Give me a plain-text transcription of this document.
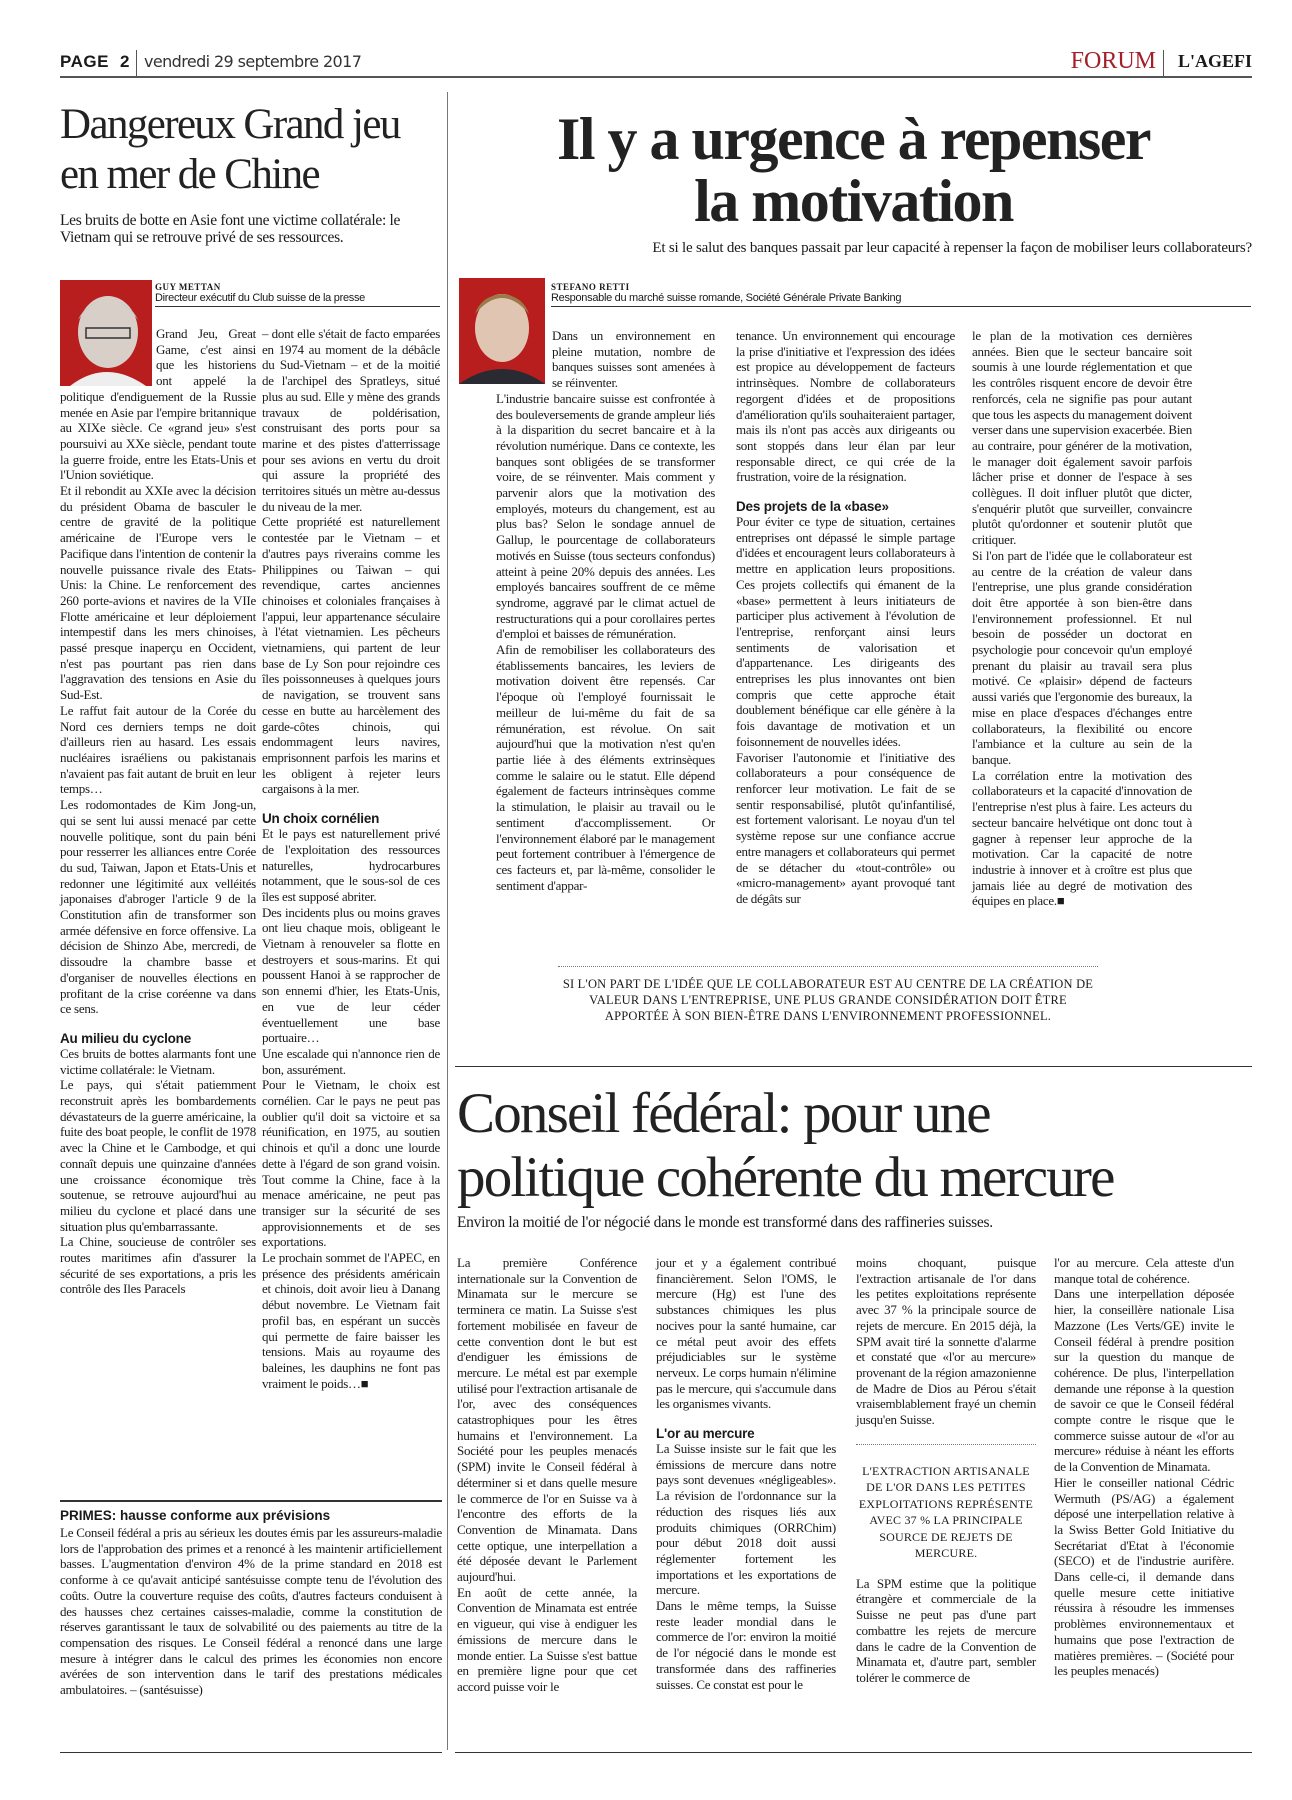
PAGE 2 vendredi 29 septembre 2017	FORUM L'AGEFI
Dangereux Grand jeu
en mer de Chine

Les bruits de botte en Asie font une victime collatérale: le Vietnam qui se retrouve privé de ses ressources.

GUY METTAN
Directeur exécutif du Club suisse de la presse

Grand Jeu, Great Game, c'est ainsi que les historiens ont appelé la politique d'endiguement de la Russie menée en Asie par l'empire britannique au XIXe siècle. Ce «grand jeu» s'est poursuivi au XXe siècle, pendant toute la guerre froide, entre les Etats-Unis et l'Union soviétique.

Et il rebondit au XXIe avec la décision du président Obama de basculer le centre de gravité de la politique américaine de l'Europe vers le Pacifique dans l'intention de contenir la nouvelle puissance rivale des Etats-Unis: la Chine. Le renforcement des 260 porte-avions et navires de la VIIe Flotte américaine et leur déploiement intempestif dans les mers chinoises, passé presque inaperçu en Occident, n'est pas pourtant pas rien dans l'aggravation des tensions en Asie du Sud-Est.

Le raffut fait autour de la Corée du Nord ces derniers temps ne doit d'ailleurs rien au hasard. Les essais nucléaires israéliens ou pakistanais n'avaient pas fait autant de bruit en leur temps…

Les rodomontades de Kim Jong-un, qui se sent lui aussi menacé par cette nouvelle politique, sont du pain béni pour resserrer les alliances entre Corée du sud, Taiwan, Japon et Etats-Unis et redonner une légitimité aux velléités japonaises d'abroger l'article 9 de la Constitution afin de transformer son armée défensive en force offensive. La décision de Shinzo Abe, mercredi, de dissoudre la chambre basse et d'organiser de nouvelles élections en profitant de la crise coréenne va dans ce sens.

Au milieu du cyclone

Ces bruits de bottes alarmants font une victime collatérale: le Vietnam.

Le pays, qui s'était patiemment reconstruit après les bombardements dévastateurs de la guerre américaine, la fuite des boat people, le conflit de 1978 avec la Chine et le Cambodge, et qui connaît depuis une quinzaine d'années une croissance économique très soutenue, se retrouve aujourd'hui au milieu du cyclone et placé dans une situation plus qu'embarrassante.

La Chine, soucieuse de contrôler ses routes maritimes afin d'assurer la sécurité de ses exportations, a pris les contrôle des Iles Paracels

– dont elle s'était de facto emparées en 1974 au moment de la débâcle du Sud-Vietnam – et de la moitié de l'archipel des Spratleys, situé plus au sud. Elle y mène des grands travaux de poldérisation, construisant des ports pour sa marine et des pistes d'atterrissage pour ses avions en vertu du droit qui assure la propriété des territoires situés un mètre au-dessus du niveau de la mer.

Cette propriété est naturellement contestée par le Vietnam – et d'autres pays riverains comme les Philippines ou Taiwan – qui revendique, cartes anciennes chinoises et coloniales françaises à l'appui, leur appartenance séculaire à l'état vietnamien. Les pêcheurs vietnamiens, qui partent de leur base de Ly Son pour rejoindre ces îles poissonneuses à quelques jours de navigation, se trouvent sans cesse en butte au harcèlement des garde-côtes chinois, qui endommagent leurs navires, emprisonnent parfois les marins et les obligent à rejeter leurs cargaisons à la mer.

Un choix cornélien

Et le pays est naturellement privé de l'exploitation des ressources naturelles, hydrocarbures notamment, que le sous-sol de ces îles est supposé abriter.

Des incidents plus ou moins graves ont lieu chaque mois, obligeant le Vietnam à renouveler sa flotte en destroyers et sous-marins. Et qui poussent Hanoi à se rapprocher de son ennemi d'hier, les Etats-Unis, en vue de leur céder éventuellement une base portuaire…

Une escalade qui n'annonce rien de bon, assurément.

Pour le Vietnam, le choix est cornélien. Car le pays ne peut pas oublier qu'il doit sa victoire et sa réunification, en 1975, au soutien chinois et qu'il a donc une lourde dette à l'égard de son grand voisin. Tout comme la Chine, face à la menace américaine, ne peut pas transiger sur la sécurité de ses approvisionnements et de ses exportations.

Le prochain sommet de l'APEC, en présence des présidents américain et chinois, doit avoir lieu à Danang début novembre. Le Vietnam fait profil bas, en espérant un succès qui permette de faire baisser les tensions. Mais au royaume des baleines, les dauphins ne font pas vraiment le poids…■

Il y a urgence à repenser
la motivation

Et si le salut des banques passait par leur capacité à repenser la façon de mobiliser leurs collaborateurs?

STEFANO RETTI
Responsable du marché suisse romande, Société Générale Private Banking

Dans un environnement en pleine mutation, nombre de banques suisses sont amenées à se réinventer.

L'industrie bancaire suisse est confrontée à des bouleversements de grande ampleur liés à la disparition du secret bancaire et à la révolution numérique. Dans ce contexte, les banques sont obligées de se transformer voire, de se réinventer. Mais comment y parvenir alors que la motivation des employés, moteurs du changement, est au plus bas? Selon le sondage annuel de Gallup, le pourcentage de collaborateurs motivés en Suisse (tous secteurs confondus) atteint à peine 20% depuis des années. Les employés bancaires souffrent de ce même syndrome, aggravé par le climat actuel de restructurations qui a pour corollaires pertes d'emploi et baisses de rémunération.

Afin de remobiliser les collaborateurs des établissements bancaires, les leviers de motivation doivent être repensés. Car l'époque où l'employé fournissait le meilleur de lui-même du fait de sa rémunération, est révolue. On sait aujourd'hui que la motivation n'est qu'en partie liée à des éléments extrinsèques comme le salaire ou le statut. Elle dépend également de facteurs intrinsèques comme la stimulation, le plaisir au travail ou le sentiment d'accomplissement. Or l'environnement élaboré par le management peut fortement contribuer à l'émergence de ces facteurs et, par là-même, consolider le sentiment d'appar-

tenance. Un environnement qui encourage la prise d'initiative et l'expression des idées est propice au développement de facteurs intrinsèques. Nombre de collaborateurs regorgent d'idées et de propositions d'amélioration qu'ils souhaiteraient partager, mais ils n'ont pas accès aux dirigeants ou sont stoppés dans leur élan par leur responsable direct, ce qui crée de la frustration, voire de la résignation.

Des projets de la «base»

Pour éviter ce type de situation, certaines entreprises ont dépassé le simple partage d'idées et encouragent leurs collaborateurs à mettre en application leurs propositions. Ces projets collectifs qui émanent de la «base» permettent à leurs initiateurs de participer plus activement à l'évolution de l'entreprise, renforçant ainsi leurs sentiments de valorisation et d'appartenance. Les dirigeants des entreprises les plus innovantes ont bien compris que cette approche était doublement bénéfique car elle génère à la fois davantage de motivation et un foisonnement de nouvelles idées.

Favoriser l'autonomie et l'initiative des collaborateurs a pour conséquence de renforcer leur motivation. Le fait de se sentir responsabilisé, plutôt qu'infantilisé, est fortement valorisant. Le noyau d'un tel système repose sur une confiance accrue entre managers et collaborateurs qui permet de se détacher du «tout-contrôle» ou «micro-management» ayant provoqué tant de dégâts sur

le plan de la motivation ces dernières années. Bien que le secteur bancaire soit soumis à une lourde réglementation et que les contrôles risquent encore de devoir être renforcés, cela ne signifie pas pour autant que tous les aspects du management doivent verser dans une supervision exacerbée. Bien au contraire, pour générer de la motivation, le manager doit également savoir parfois lâcher prise et donner de l'espace à ses collègues. Il doit influer plutôt que dicter, s'enquérir plutôt que surveiller, convaincre plutôt qu'ordonner et soutenir plutôt que critiquer.

Si l'on part de l'idée que le collaborateur est au centre de la création de valeur dans l'entreprise, une plus grande considération doit être apportée à son bien-être dans l'environnement professionnel. Et nul besoin de posséder un doctorat en psychologie pour concevoir qu'un employé prenant du plaisir au travail sera plus motivé. Ce «plaisir» dépend de facteurs aussi variés que l'ergonomie des bureaux, la mise en place d'espaces d'échanges entre collaborateurs, la flexibilité ou encore l'ambiance et la culture au sein de la banque.

La corrélation entre la motivation des collaborateurs et la capacité d'innovation de l'entreprise n'est plus à faire. Les acteurs du secteur bancaire helvétique ont donc tout à gagner à repenser leur approche de la motivation. Car la capacité de notre industrie à innover et à croître est plus que jamais liée au degré de motivation des équipes en place.■

SI L'ON PART DE L'IDÉE QUE LE COLLABORATEUR EST AU CENTRE DE LA CRÉATION DE VALEUR DANS L'ENTREPRISE, UNE PLUS GRANDE CONSIDÉRATION DOIT ÊTRE APPORTÉE À SON BIEN-ÊTRE DANS L'ENVIRONNEMENT PROFESSIONNEL.
Conseil fédéral: pour une
politique cohérente du mercure

Environ la moitié de l'or négocié dans le monde est transformé dans des raffineries suisses.

La première Conférence internationale sur la Convention de Minamata sur le mercure se terminera ce matin. La Suisse s'est fortement mobilisée en faveur de cette convention dont le but est d'endiguer les émissions de mercure. Le métal est par exemple utilisé pour l'extraction artisanale de l'or, avec des conséquences catastrophiques pour les êtres humains et l'environnement. La Société pour les peuples menacés (SPM) invite le Conseil fédéral à déterminer si et dans quelle mesure le commerce de l'or en Suisse va à l'encontre des efforts de la Convention de Minamata. Dans cette optique, une interpellation a été déposée devant le Parlement aujourd'hui.

En août de cette année, la Convention de Minamata est entrée en vigueur, qui vise à endiguer les émissions de mercure dans le monde entier. La Suisse s'est battue en première ligne pour que cet accord puisse voir le

jour et y a également contribué financièrement. Selon l'OMS, le mercure (Hg) est l'une des substances chimiques les plus nocives pour la santé humaine, car ce métal peut avoir des effets préjudiciables sur le système nerveux. Le corps humain n'élimine pas le mercure, qui s'accumule dans les organismes vivants.

L'or au mercure

La Suisse insiste sur le fait que les émissions de mercure dans notre pays sont devenues «négligeables». La révision de l'ordonnance sur la réduction des risques liés aux produits chimiques (ORRChim) pour début 2018 doit aussi réglementer fortement les importations et les exportations de mercure.

Dans le même temps, la Suisse reste leader mondial dans le commerce de l'or: environ la moitié de l'or négocié dans le monde est transformée dans des raffineries suisses. Ce constat est pour le

moins choquant, puisque l'extraction artisanale de l'or dans les petites exploitations représente avec 37 % la principale source de rejets de mercure. En 2015 déjà, la SPM avait tiré la sonnette d'alarme et constaté que «l'or au mercure» provenant de la région amazonienne de Madre de Dios au Pérou s'était vraisemblablement frayé un chemin jusqu'en Suisse.

L'EXTRACTION ARTISANALE DE L'OR DANS LES PETITES EXPLOITATIONS REPRÉSENTE AVEC 37 % LA PRINCIPALE SOURCE DE REJETS DE MERCURE.

La SPM estime que la politique étrangère et commerciale de la Suisse ne peut pas d'une part combattre les rejets de mercure dans le cadre de la Convention de Minamata et, d'autre part, sembler tolérer le commerce de

l'or au mercure. Cela atteste d'un manque total de cohérence.

Dans une interpellation déposée hier, la conseillère nationale Lisa Mazzone (Les Verts/GE) invite le Conseil fédéral à prendre position sur la question du manque de cohérence. De plus, l'interpellation demande une réponse à la question de savoir ce que le Conseil fédéral compte contre le risque que le commerce suisse autour de «l'or au mercure» réduise à néant les efforts de la Convention de Minamata.

Hier le conseiller national Cédric Wermuth (PS/AG) a également déposé une interpellation relative à la Swiss Better Gold Initiative du Secrétariat d'Etat à l'économie (SECO) et de l'industrie aurifère. Dans celle-ci, il demande dans quelle mesure cette initiative réussira à résoudre les immenses problèmes environnementaux et humains que pose l'extraction de matières premières. – (Société pour les peuples menacés)

PRIMES: hausse conforme aux prévisions

Le Conseil fédéral a pris au sérieux les doutes émis par les assureurs-maladie lors de l'approbation des primes et a renoncé à les maintenir artificiellement basses. L'augmentation d'environ 4% de la prime standard en 2018 est conforme à ce qu'avait anticipé santésuisse compte tenu de l'évolution des coûts. Outre la couverture requise des coûts, d'autres facteurs conduisent à des hausses chez certaines caisses-maladie, comme la constitution de réserves garantissant le taux de solvabilité ou des paiements au titre de la compensation des risques. Le Conseil fédéral a renoncé dans une large mesure à intégrer dans le calcul des primes les économies non encore avérées de son intervention dans le tarif des prestations médicales ambulatoires. – (santésuisse)
